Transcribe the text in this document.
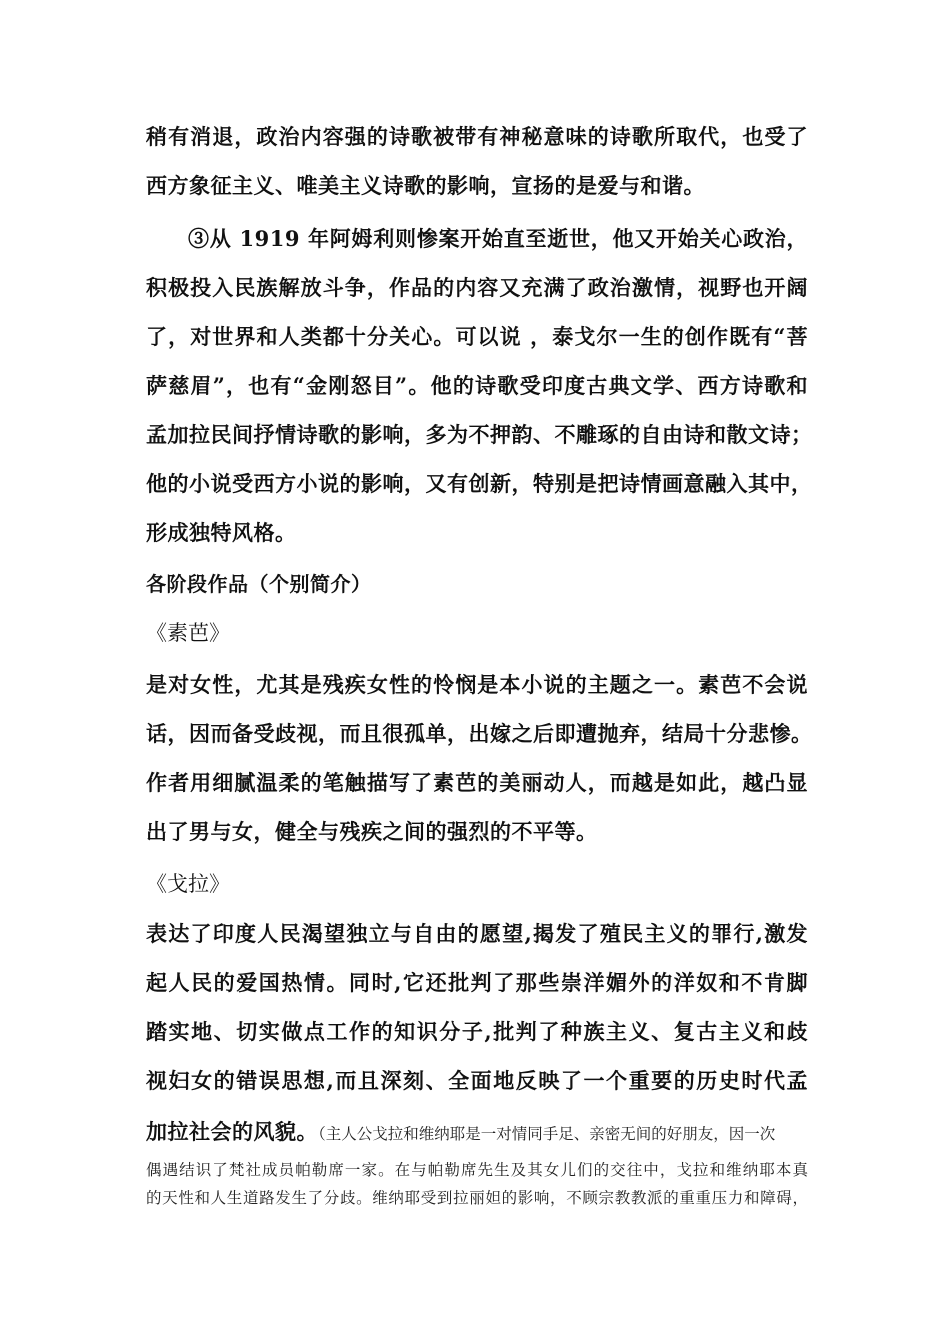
稍有消退，政治内容强的诗歌被带有神秘意味的诗歌所取代，也受了
西方象征主义、唯美主义诗歌的影响，宣扬的是爱与和谐。
③从 1919 年阿姆利则惨案开始直至逝世，他又开始关心政治，
积极投入民族解放斗争，作品的内容又充满了政治激情，视野也开阔
了，对世界和人类都十分关心。可以说 ，泰戈尔一生的创作既有“菩
萨慈眉”，也有“金刚怒目”。他的诗歌受印度古典文学、西方诗歌和
孟加拉民间抒情诗歌的影响，多为不押韵、不雕琢的自由诗和散文诗；
他的小说受西方小说的影响，又有创新，特别是把诗情画意融入其中，
形成独特风格。
各阶段作品（个别简介）
《素芭》
是对女性，尤其是残疾女性的怜悯是本小说的主题之一。素芭不会说
话，因而备受歧视，而且很孤单，出嫁之后即遭抛弃，结局十分悲惨。
作者用细腻温柔的笔触描写了素芭的美丽动人，而越是如此，越凸显
出了男与女，健全与残疾之间的强烈的不平等。
《戈拉》
表达了印度人民渴望独立与自由的愿望,揭发了殖民主义的罪行,激发
起人民的爱国热情。同时,它还批判了那些崇洋媚外的洋奴和不肯脚
踏实地、切实做点工作的知识分子,批判了种族主义、复古主义和歧
视妇女的错误思想,而且深刻、全面地反映了一个重要的历史时代孟
加拉社会的风貌。（主人公戈拉和维纳耶是一对情同手足、亲密无间的好朋友，因一次
偶遇结识了梵社成员帕勒席一家。在与帕勒席先生及其女儿们的交往中，戈拉和维纳耶本真
的天性和人生道路发生了分歧。维纳耶受到拉丽妲的影响，不顾宗教教派的重重压力和障碍，
